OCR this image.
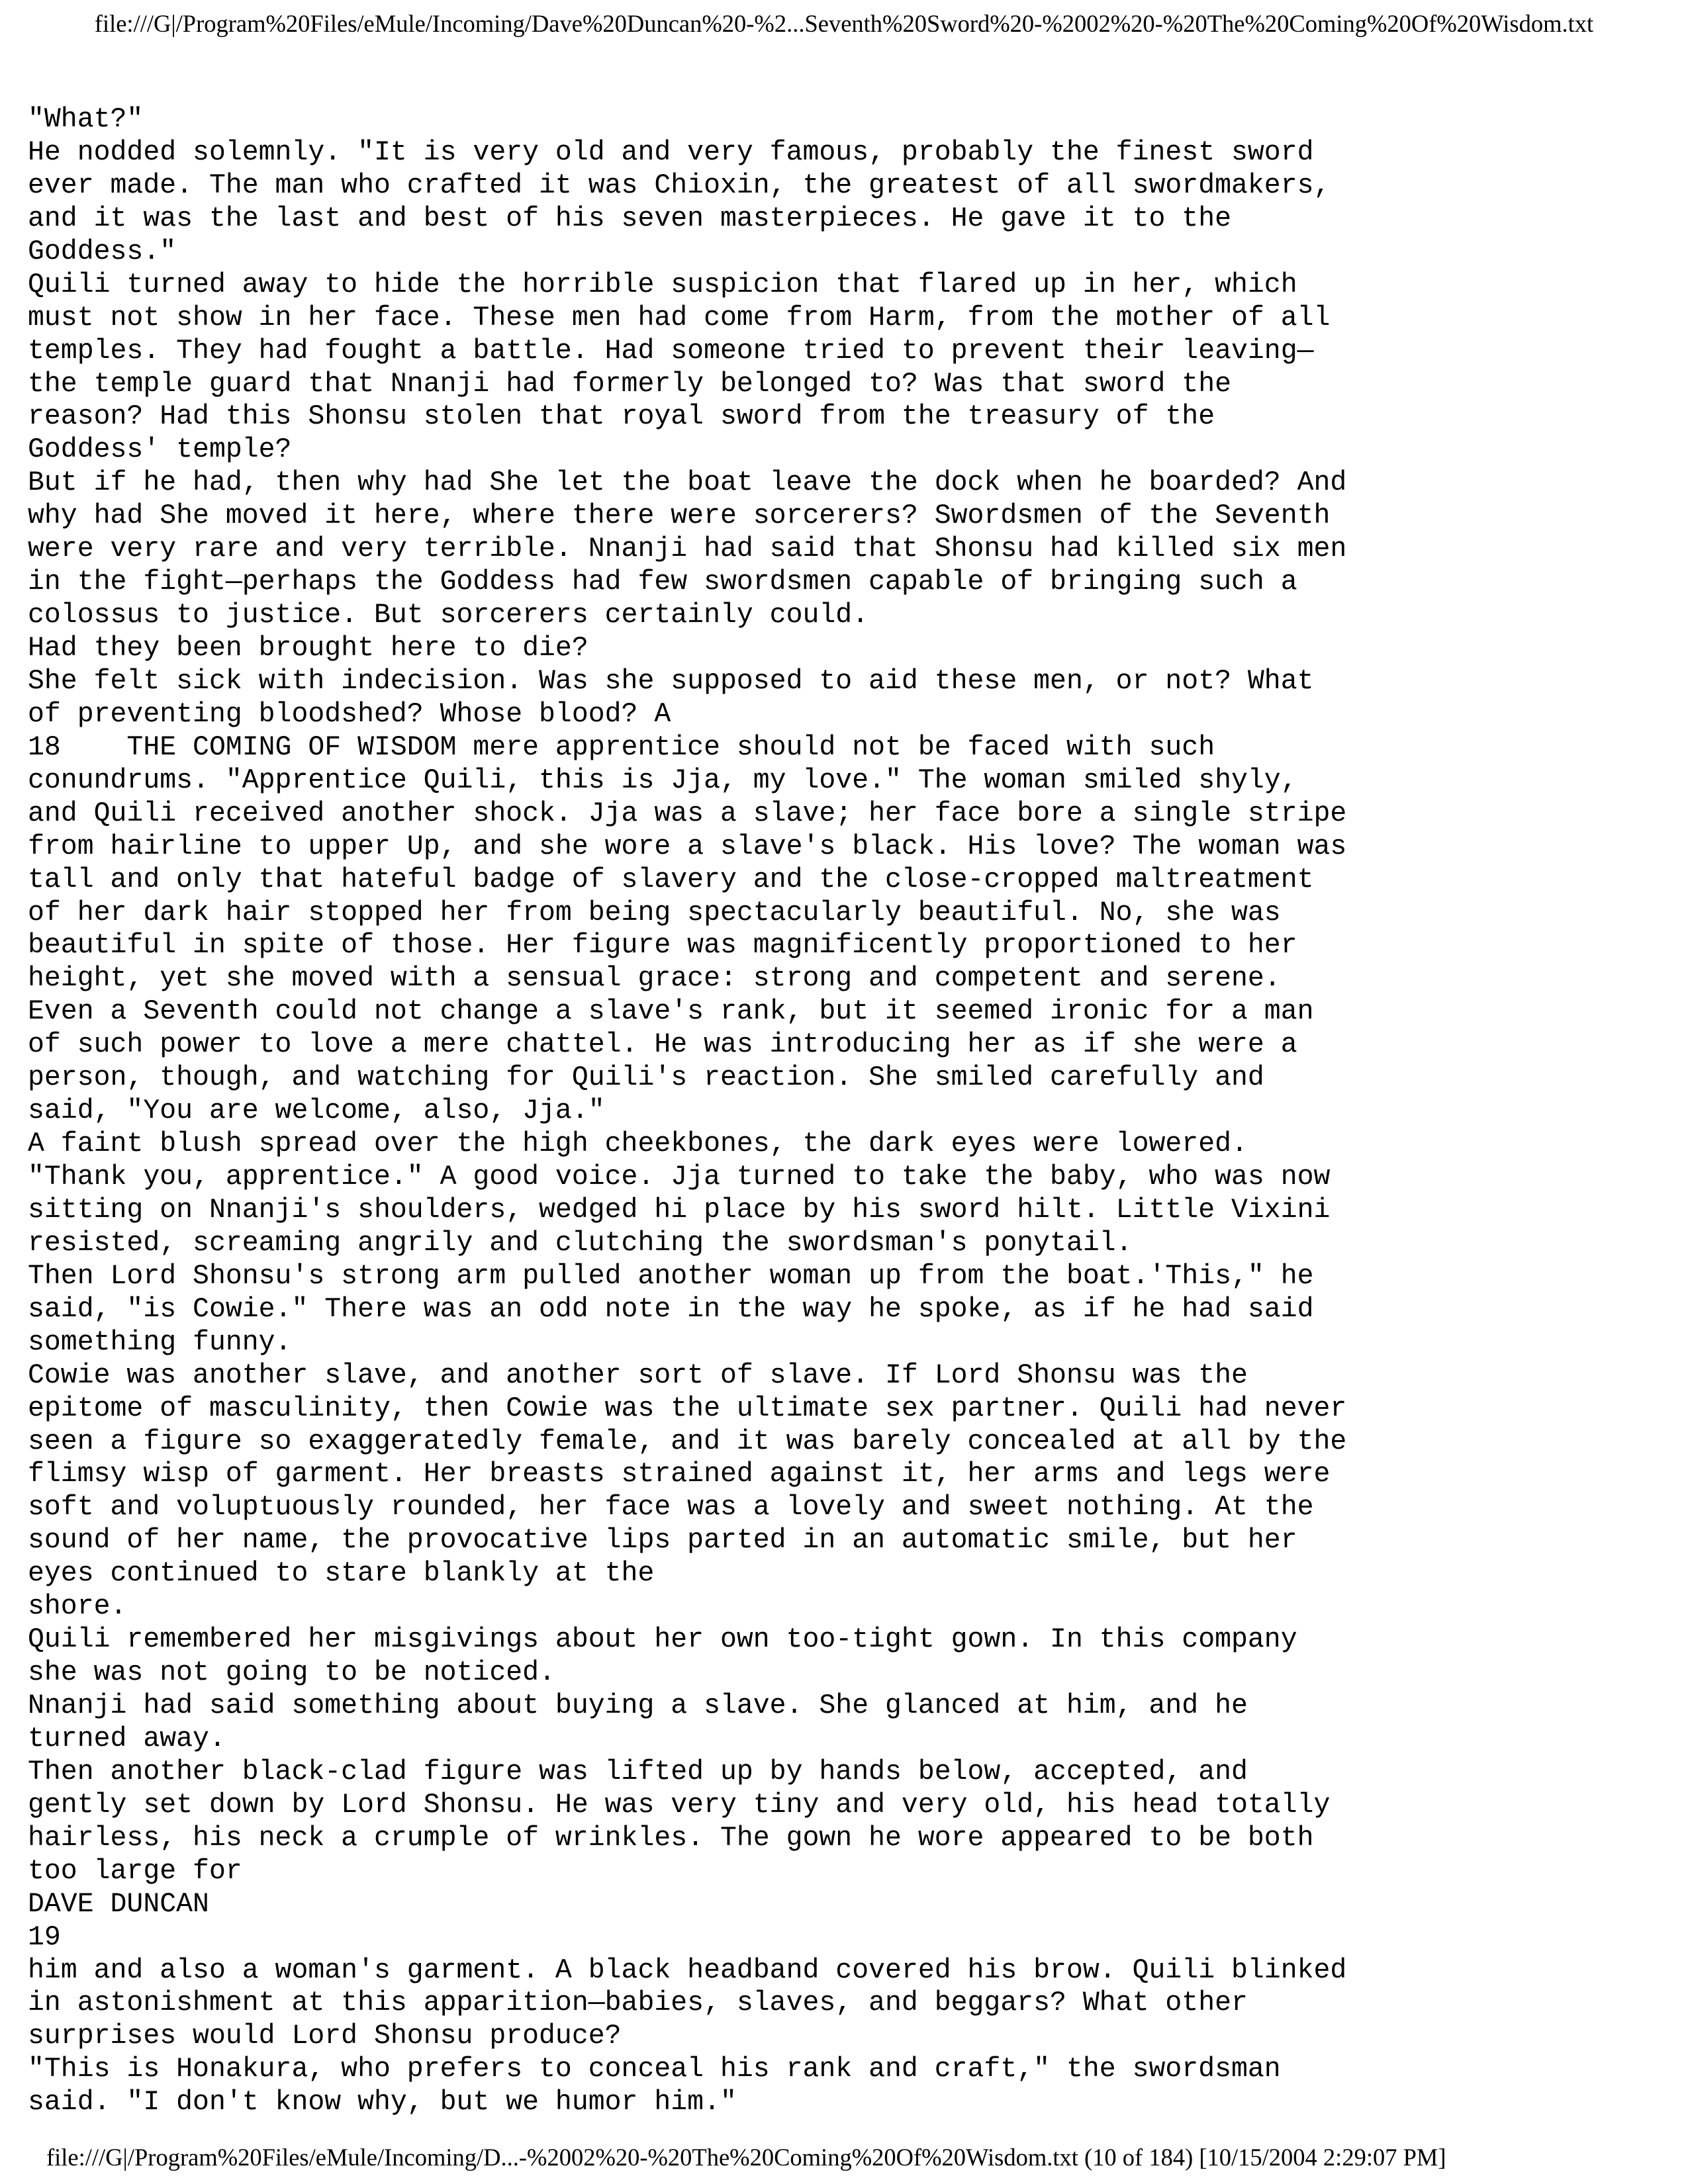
file:///G|/Program%20Files/eMule/Incoming/Dave%20Duncan%20-%2...Seventh%20Sword%20-%2002%20-%20The%20Coming%20Of%20Wisdom.txt
"What?"
He nodded solemnly. "It is very old and very famous, probably the finest sword
ever made. The man who crafted it was Chioxin, the greatest of all swordmakers,
and it was the last and best of his seven masterpieces. He gave it to the
Goddess."
Quili turned away to hide the horrible suspicion that flared up in her, which
must not show in her face. These men had come from Harm, from the mother of all
temples. They had fought a battle. Had someone tried to prevent their leaving—
the temple guard that Nnanji had formerly belonged to? Was that sword the
reason? Had this Shonsu stolen that royal sword from the treasury of the
Goddess' temple?
But if he had, then why had She let the boat leave the dock when he boarded? And
why had She moved it here, where there were sorcerers? Swordsmen of the Seventh
were very rare and very terrible. Nnanji had said that Shonsu had killed six men
in the fight—perhaps the Goddess had few swordsmen capable of bringing such a
colossus to justice. But sorcerers certainly could.
Had they been brought here to die?
She felt sick with indecision. Was she supposed to aid these men, or not? What
of preventing bloodshed? Whose blood? A
18    THE COMING OF WISDOM mere apprentice should not be faced with such
conundrums. "Apprentice Quili, this is Jja, my love." The woman smiled shyly,
and Quili received another shock. Jja was a slave; her face bore a single stripe
from hairline to upper Up, and she wore a slave's black. His love? The woman was
tall and only that hateful badge of slavery and the close-cropped maltreatment
of her dark hair stopped her from being spectacularly beautiful. No, she was
beautiful in spite of those. Her figure was magnificently proportioned to her
height, yet she moved with a sensual grace: strong and competent and serene.
Even a Seventh could not change a slave's rank, but it seemed ironic for a man
of such power to love a mere chattel. He was introducing her as if she were a
person, though, and watching for Quili's reaction. She smiled carefully and
said, "You are welcome, also, Jja."
A faint blush spread over the high cheekbones, the dark eyes were lowered.
"Thank you, apprentice." A good voice. Jja turned to take the baby, who was now
sitting on Nnanji's shoulders, wedged hi place by his sword hilt. Little Vixini
resisted, screaming angrily and clutching the swordsman's ponytail.
Then Lord Shonsu's strong arm pulled another woman up from the boat.'This," he
said, "is Cowie." There was an odd note in the way he spoke, as if he had said
something funny.
Cowie was another slave, and another sort of slave. If Lord Shonsu was the
epitome of masculinity, then Cowie was the ultimate sex partner. Quili had never
seen a figure so exaggeratedly female, and it was barely concealed at all by the
flimsy wisp of garment. Her breasts strained against it, her arms and legs were
soft and voluptuously rounded, her face was a lovely and sweet nothing. At the
sound of her name, the provocative lips parted in an automatic smile, but her
eyes continued to stare blankly at the
shore.
Quili remembered her misgivings about her own too-tight gown. In this company
she was not going to be noticed.
Nnanji had said something about buying a slave. She glanced at him, and he
turned away.
Then another black-clad figure was lifted up by hands below, accepted, and
gently set down by Lord Shonsu. He was very tiny and very old, his head totally
hairless, his neck a crumple of wrinkles. The gown he wore appeared to be both
too large for
DAVE DUNCAN
19
him and also a woman's garment. A black headband covered his brow. Quili blinked
in astonishment at this apparition—babies, slaves, and beggars? What other
surprises would Lord Shonsu produce?
"This is Honakura, who prefers to conceal his rank and craft," the swordsman
said. "I don't know why, but we humor him."
file:///G|/Program%20Files/eMule/Incoming/D...-%2002%20-%20The%20Coming%20Of%20Wisdom.txt (10 of 184) [10/15/2004 2:29:07 PM]
